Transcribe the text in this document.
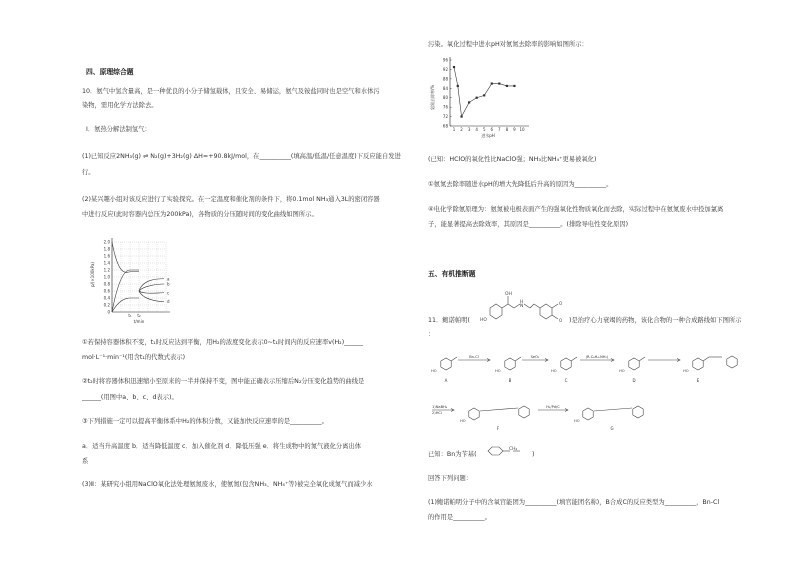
四、原理综合题
10．氨气中氢含量高，是一种优良的小分子储氢载体，且安全、易储运，氨气及铵盐同时也是空气和水体污
染物，需用化学方法除去。
Ⅰ．氨热分解法制氢气：
(1)已知反应2NH₃(g) ⇌ N₂(g)+3H₂(g) ΔH=+90.8kJ/mol，在__________(填高温/低温/任意温度)下反应能自发进
行。
(2)某兴趣小组对该反应进行了实验探究。在一定温度和催化剂的条件下，将0.1mol NH₃通入3L的密闭容器
中进行反应(此时容器内总压为200kPa)，各物质的分压随时间的变化曲线如图所示。
0
0.2
0.4
0.6
0.8
1.0
1.2
1.4
1.6
1.8
2.0
t₁ t₂
t/min
p/(×100kPa)	a
b
c
d
①若保持容器体积不变，t₁时反应达到平衡，用H₂的浓度变化表示0~t₁时间内的反应速率v(H₂)______
mol·L⁻¹·min⁻¹(用含t₁的代数式表示)
②t₂时将容器体积迅速缩小至原来的一半并保持不变，图中能正确表示压缩后N₂分压变化趋势的曲线是
______(用图中a、b、c、d表示)。
③下列措施一定可以提高平衡体系中H₂的体积分数，又能加快反应速率的是__________。
a．适当升高温度 b．适当降低温度 c．加入催化剂 d．降低压强 e．将生成物中的氮气液化分离出体
系
(3)Ⅱ：某研究小组用NaClO氧化法处理氨氮废水，使氨氮(包含NH₃、NH₄⁺等)被完全氧化成氮气而减少水
污染。氧化过程中进水pH对氨氮去除率的影响如图所示：
68
72
76
80
84
88
92
96
1 2 3 4 5 6 7 8 9 10
进水pH
氨氮去除率/%
(已知：HClO的氧化性比NaClO强；NH₃比NH₄⁺更易被氧化)
①氨氮去除率随进水pH的增大先降低后升高的原因为__________。
④电化学除氨原理为：氨氮被电极表面产生的强氧化性物质氧化而去除，实际过程中在氨氮废水中投加氯离
子，能显著提高去除效率，其原因是__________。(排除导电性变化原因)
五、有机推断题
11．鲍诺帕明(
OH
H
N
HO
O
O )是治疗心力衰竭的药物，该化合物的一种合成路线如下图所示
：
A
HO
B
HO
C
HO
D
HO
E
HO
Bn-Cl	SeO₂	(R-C₆H₄-NH₂)
1)NaBH₄
2)HCl
F
HO
H₂/Pd/C
G
HO
已知：Bn为苄基(
CH₂
)
回答下列问题：
(1)鲍诺帕明分子中的含氧官能团为__________(填官能团名称)，B合成C的反应类型为__________，Bn-Cl
的作用是__________。
